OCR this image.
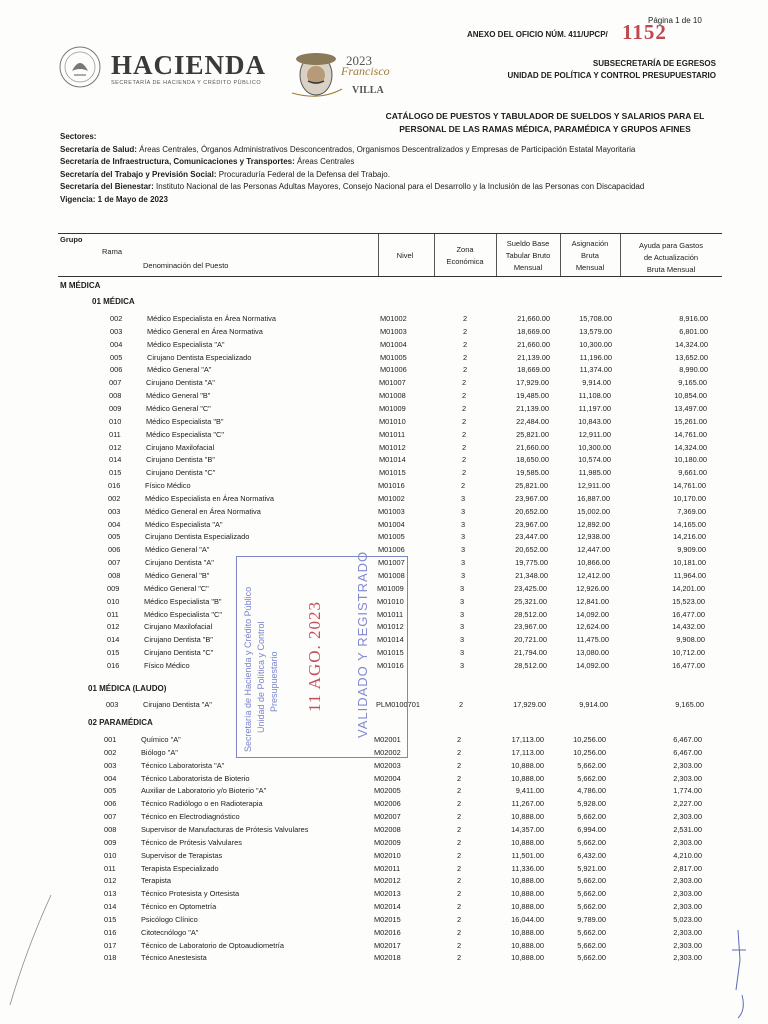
Página 1 de 10
ANEXO DEL OFICIO NÚM. 411/UPCP/ 1152
HACIENDA
SECRETARÍA DE HACIENDA Y CRÉDITO PÚBLICO
2023
Francisco
VILLA
SUBSECRETARÍA DE EGRESOS
UNIDAD DE POLÍTICA Y CONTROL PRESUPUESTARIO
CATÁLOGO DE PUESTOS Y TABULADOR DE SUELDOS Y SALARIOS PARA EL
PERSONAL DE LAS RAMAS MÉDICA, PARAMÉDICA Y GRUPOS AFINES
Sectores:
Secretaría de Salud: Áreas Centrales, Órganos Administrativos Desconcentrados, Organismos Descentralizados y Empresas de Participación Estatal Mayoritaria
Secretaría de Infraestructura, Comunicaciones y Transportes: Áreas Centrales
Secretaría del Trabajo y Previsión Social: Procuraduría Federal de la Defensa del Trabajo.
Secretaría del Bienestar: Instituto Nacional de las Personas Adultas Mayores, Consejo Nacional para el Desarrollo y la Inclusión de las Personas con Discapacidad
Vigencia: 1 de Mayo de 2023
Grupo
Rama
Denominación del Puesto
Nivel
Zona
Económica
Sueldo Base
Tabular Bruto
Mensual
Asignación
Bruta
Mensual
Ayuda para Gastos
de Actualización
Bruta Mensual
M MÉDICA
01 MÉDICA
002	Médico Especialista en Área Normativa	M01002	2	21,660.00	15,708.00	8,916.00
003	Médico General en Área Normativa	M01003	2	18,669.00	13,579.00	6,801.00
004	Médico Especialista "A"	M01004	2	21,660.00	10,300.00	14,324.00
005	Cirujano Dentista Especializado	M01005	2	21,139.00	11,196.00	13,652.00
006	Médico General "A"	M01006	2	18,669.00	11,374.00	8,990.00
007	Cirujano Dentista "A"	M01007	2	17,929.00	9,914.00	9,165.00
008	Médico General "B"	M01008	2	19,485.00	11,108.00	10,854.00
009	Médico General "C"	M01009	2	21,139.00	11,197.00	13,497.00
010	Médico Especialista "B"	M01010	2	22,484.00	10,843.00	15,261.00
011	Médico Especialista "C"	M01011	2	25,821.00	12,911.00	14,761.00
012	Cirujano Maxilofacial	M01012	2	21,660.00	10,300.00	14,324.00
014	Cirujano Dentista "B"	M01014	2	18,650.00	10,574.00	10,180.00
015	Cirujano Dentista "C"	M01015	2	19,585.00	11,985.00	9,661.00
016	Físico Médico	M01016	2	25,821.00	12,911.00	14,761.00
002	Médico Especialista en Área Normativa	M01002	3	23,967.00	16,887.00	10,170.00
003	Médico General en Área Normativa	M01003	3	20,652.00	15,002.00	7,369.00
004	Médico Especialista "A"	M01004	3	23,967.00	12,892.00	14,165.00
005	Cirujano Dentista Especializado	M01005	3	23,447.00	12,938.00	14,216.00
006	Médico General "A"	M01006	3	20,652.00	12,447.00	9,909.00
007	Cirujano Dentista "A"	M01007	3	19,775.00	10,866.00	10,181.00
008	Médico General "B"	M01008	3	21,348.00	12,412.00	11,964.00
009	Médico General "C"	M01009	3	23,425.00	12,926.00	14,201.00
010	Médico Especialista "B"	M01010	3	25,321.00	12,841.00	15,523.00
011	Médico Especialista "C"	M01011	3	28,512.00	14,092.00	16,477.00
012	Cirujano Maxilofacial	M01012	3	23,967.00	12,624.00	14,432.00
014	Cirujano Dentista "B"	M01014	3	20,721.00	11,475.00	9,908.00
015	Cirujano Dentista "C"	M01015	3	21,794.00	13,080.00	10,712.00
016	Físico Médico	M01016	3	28,512.00	14,092.00	16,477.00
01 MÉDICA (LAUDO)
003	Cirujano Dentista "A"	PLM0100701	2	17,929.00	9,914.00	9,165.00
02 PARAMÉDICA
001	Químico "A"	M02001	2	17,113.00	10,256.00	6,467.00
002	Biólogo "A"	M02002	2	17,113.00	10,256.00	6,467.00
003	Técnico Laboratorista "A"	M02003	2	10,888.00	5,662.00	2,303.00
004	Técnico Laboratorista de Bioterio	M02004	2	10,888.00	5,662.00	2,303.00
005	Auxiliar de Laboratorio y/o Bioterio "A"	M02005	2	9,411.00	4,786.00	1,774.00
006	Técnico Radiólogo o en Radioterapia	M02006	2	11,267.00	5,928.00	2,227.00
007	Técnico en Electrodiagnóstico	M02007	2	10,888.00	5,662.00	2,303.00
008	Supervisor de Manufacturas de Prótesis Valvulares	M02008	2	14,357.00	6,994.00	2,531.00
009	Técnico de Prótesis Valvulares	M02009	2	10,888.00	5,662.00	2,303.00
010	Supervisor de Terapistas	M02010	2	11,501.00	6,432.00	4,210.00
011	Terapista Especializado	M02011	2	11,336.00	5,921.00	2,817.00
012	Terapista	M02012	2	10,888.00	5,662.00	2,303.00
013	Técnico Protesista y Ortesista	M02013	2	10,888.00	5,662.00	2,303.00
014	Técnico en Optometría	M02014	2	10,888.00	5,662.00	2,303.00
015	Psicólogo Clínico	M02015	2	16,044.00	9,789.00	5,023.00
016	Citotecnólogo "A"	M02016	2	10,888.00	5,662.00	2,303.00
017	Técnico de Laboratorio de Optoaudiometría	M02017	2	10,888.00	5,662.00	2,303.00
018	Técnico Anestesista	M02018	2	10,888.00	5,662.00	2,303.00
Secretaría de Hacienda y Crédito Público Unidad de Política y Control Presupuestario 11 AGO. 2023 VALIDADO Y REGISTRADO
